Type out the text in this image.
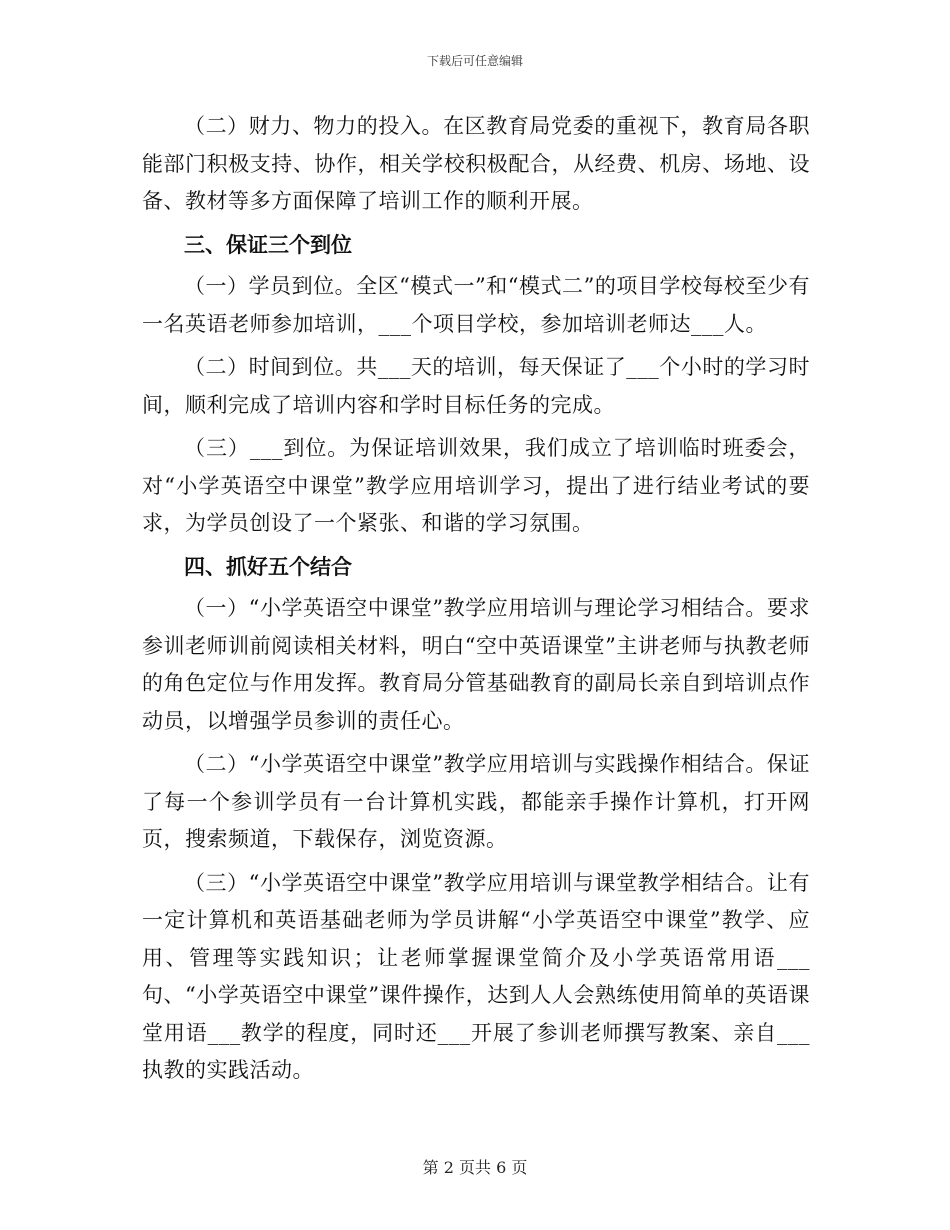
下载后可任意编辑

（二）财力、物力的投入。在区教育局党委的重视下，教育局各职能部门积极支持、协作，相关学校积极配合，从经费、机房、场地、设备、教材等多方面保障了培训工作的顺利开展。

三、保证三个到位

（一）学员到位。全区“模式一”和“模式二”的项目学校每校至少有一名英语老师参加培训，___个项目学校，参加培训老师达___人。

（二）时间到位。共___天的培训，每天保证了___个小时的学习时间，顺利完成了培训内容和学时目标任务的完成。

（三）___到位。为保证培训效果，我们成立了培训临时班委会，对“小学英语空中课堂”教学应用培训学习，提出了进行结业考试的要求，为学员创设了一个紧张、和谐的学习氛围。

四、抓好五个结合

（一）“小学英语空中课堂”教学应用培训与理论学习相结合。要求参训老师训前阅读相关材料，明白“空中英语课堂”主讲老师与执教老师的角色定位与作用发挥。教育局分管基础教育的副局长亲自到培训点作动员，以增强学员参训的责任心。

（二）“小学英语空中课堂”教学应用培训与实践操作相结合。保证了每一个参训学员有一台计算机实践，都能亲手操作计算机，打开网页，搜索频道，下载保存，浏览资源。

（三）“小学英语空中课堂”教学应用培训与课堂教学相结合。让有一定计算机和英语基础老师为学员讲解“小学英语空中课堂”教学、应用、管理等实践知识；让老师掌握课堂简介及小学英语常用语___句、“小学英语空中课堂”课件操作，达到人人会熟练使用简单的英语课堂用语___教学的程度，同时还___开展了参训老师撰写教案、亲自___执教的实践活动。

第 2 页共 6 页
